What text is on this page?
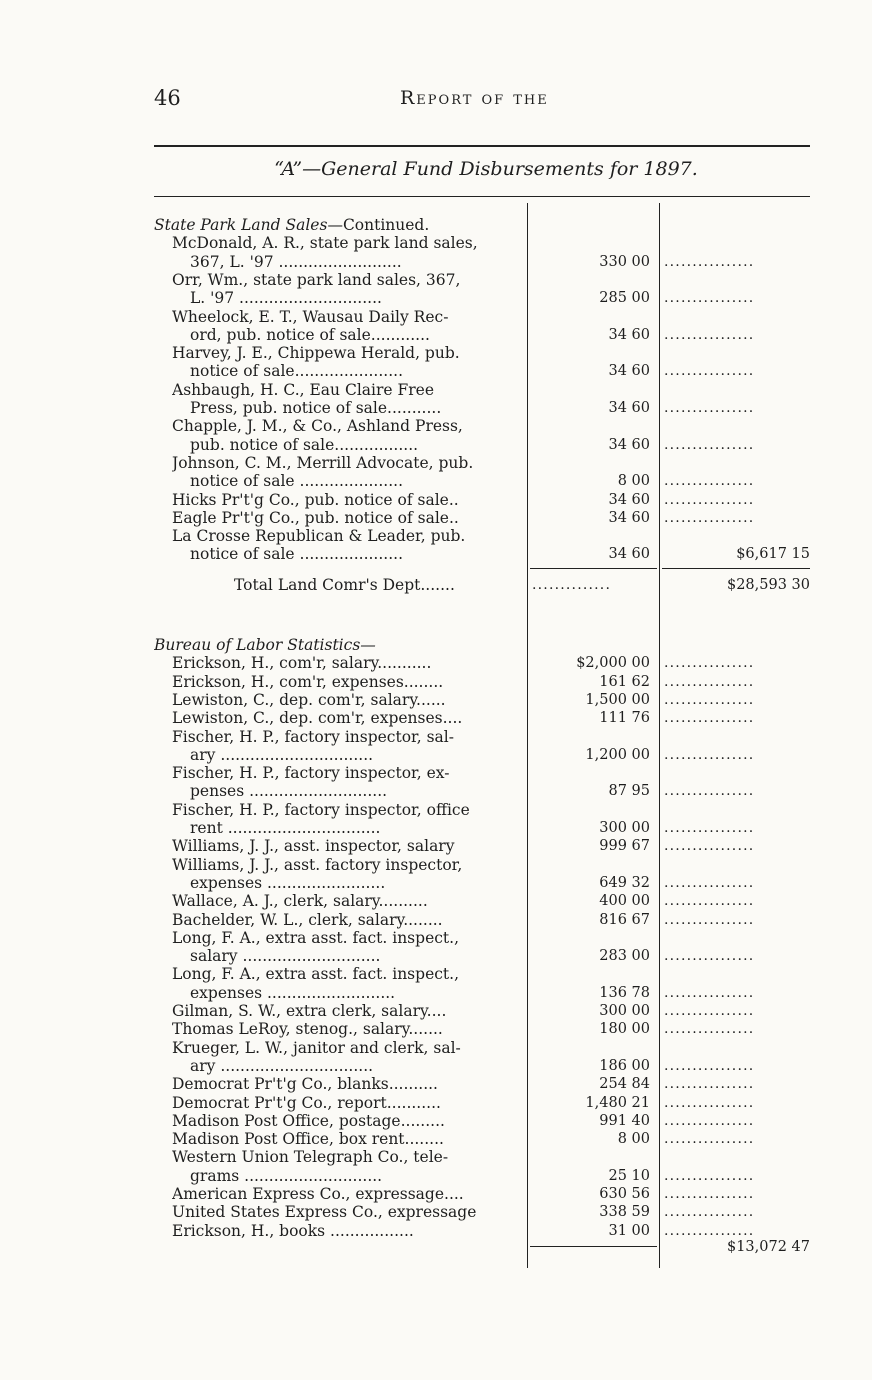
46	Report of the
“A”—General Fund Disbursements for 1897.
State Park Land Sales—Continued.
McDonald, A. R., state park land sales,
367, L. '97 .........................	330 00 ................
Orr, Wm., state park land sales, 367,
L. '97 .............................	285 00 ................
Wheelock, E. T., Wausau Daily Rec-
ord, pub. notice of sale............	34 60 ................
Harvey, J. E., Chippewa Herald, pub.
notice of sale......................	34 60 ................
Ashbaugh, H. C., Eau Claire Free
Press, pub. notice of sale...........	34 60 ................
Chapple, J. M., & Co., Ashland Press,
pub. notice of sale.................	34 60 ................
Johnson, C. M., Merrill Advocate, pub.
notice of sale .....................	8 00 ................
Hicks Pr't'g Co., pub. notice of sale..	34 60 ................
Eagle Pr't'g Co., pub. notice of sale..	34 60 ................
La Crosse Republican & Leader, pub.
notice of sale .....................	34 60	$6,617 15
Total Land Comr's Dept.......	..............	$28,593 30
Bureau of Labor Statistics—
Erickson, H., com'r, salary...........	$2,000 00 ................
Erickson, H., com'r, expenses........	161 62 ................
Lewiston, C., dep. com'r, salary......	1,500 00 ................
Lewiston, C., dep. com'r, expenses....	111 76 ................
Fischer, H. P., factory inspector, sal-
ary ...............................	1,200 00 ................
Fischer, H. P., factory inspector, ex-
penses ............................	87 95 ................
Fischer, H. P., factory inspector, office
rent ...............................	300 00 ................
Williams, J. J., asst. inspector, salary	999 67 ................
Williams, J. J., asst. factory inspector,
expenses ........................	649 32 ................
Wallace, A. J., clerk, salary..........	400 00 ................
Bachelder, W. L., clerk, salary........	816 67 ................
Long, F. A., extra asst. fact. inspect.,
salary ............................	283 00 ................
Long, F. A., extra asst. fact. inspect.,
expenses ..........................	136 78 ................
Gilman, S. W., extra clerk, salary....	300 00 ................
Thomas LeRoy, stenog., salary.......	180 00 ................
Krueger, L. W., janitor and clerk, sal-
ary ...............................	186 00 ................
Democrat Pr't'g Co., blanks..........	254 84 ................
Democrat Pr't'g Co., report...........	1,480 21 ................
Madison Post Office, postage.........	991 40 ................
Madison Post Office, box rent........	8 00 ................
Western Union Telegraph Co., tele-
grams ............................	25 10 ................
American Express Co., expressage....	630 56 ................
United States Express Co., expressage	338 59 ................
Erickson, H., books .................	31 00 ................
$13,072 47
